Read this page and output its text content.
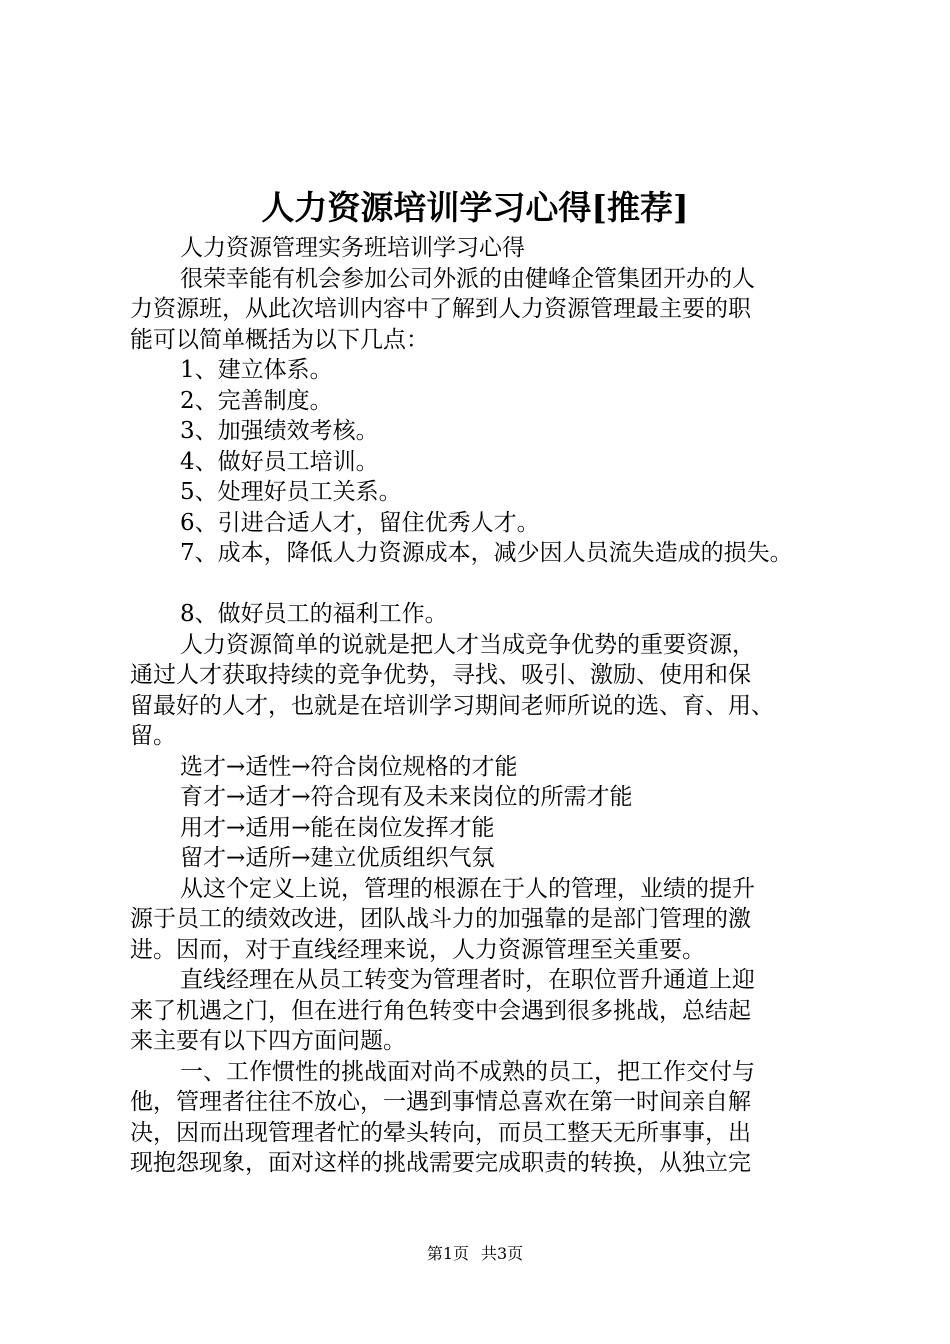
人力资源培训学习心得[推荐]
人力资源管理实务班培训学习心得
很荣幸能有机会参加公司外派的由健峰企管集团开办的人
力资源班，从此次培训内容中了解到人力资源管理最主要的职
能可以简单概括为以下几点：
1、建立体系。
2、完善制度。
3、加强绩效考核。
4、做好员工培训。
5、处理好员工关系。
6、引进合适人才，留住优秀人才。
7、成本，降低人力资源成本，减少因人员流失造成的损失。
8、做好员工的福利工作。
人力资源简单的说就是把人才当成竞争优势的重要资源，
通过人才获取持续的竞争优势，寻找、吸引、激励、使用和保
留最好的人才，也就是在培训学习期间老师所说的选、育、用、
留。
选才→适性→符合岗位规格的才能
育才→适才→符合现有及未来岗位的所需才能
用才→适用→能在岗位发挥才能
留才→适所→建立优质组织气氛
从这个定义上说，管理的根源在于人的管理，业绩的提升
源于员工的绩效改进，团队战斗力的加强靠的是部门管理的激
进。因而，对于直线经理来说，人力资源管理至关重要。
直线经理在从员工转变为管理者时，在职位晋升通道上迎
来了机遇之门，但在进行角色转变中会遇到很多挑战，总结起
来主要有以下四方面问题。
一、工作惯性的挑战面对尚不成熟的员工，把工作交付与
他，管理者往往不放心，一遇到事情总喜欢在第一时间亲自解
决，因而出现管理者忙的晕头转向，而员工整天无所事事，出
现抱怨现象，面对这样的挑战需要完成职责的转换，从独立完
第1页 共3页
